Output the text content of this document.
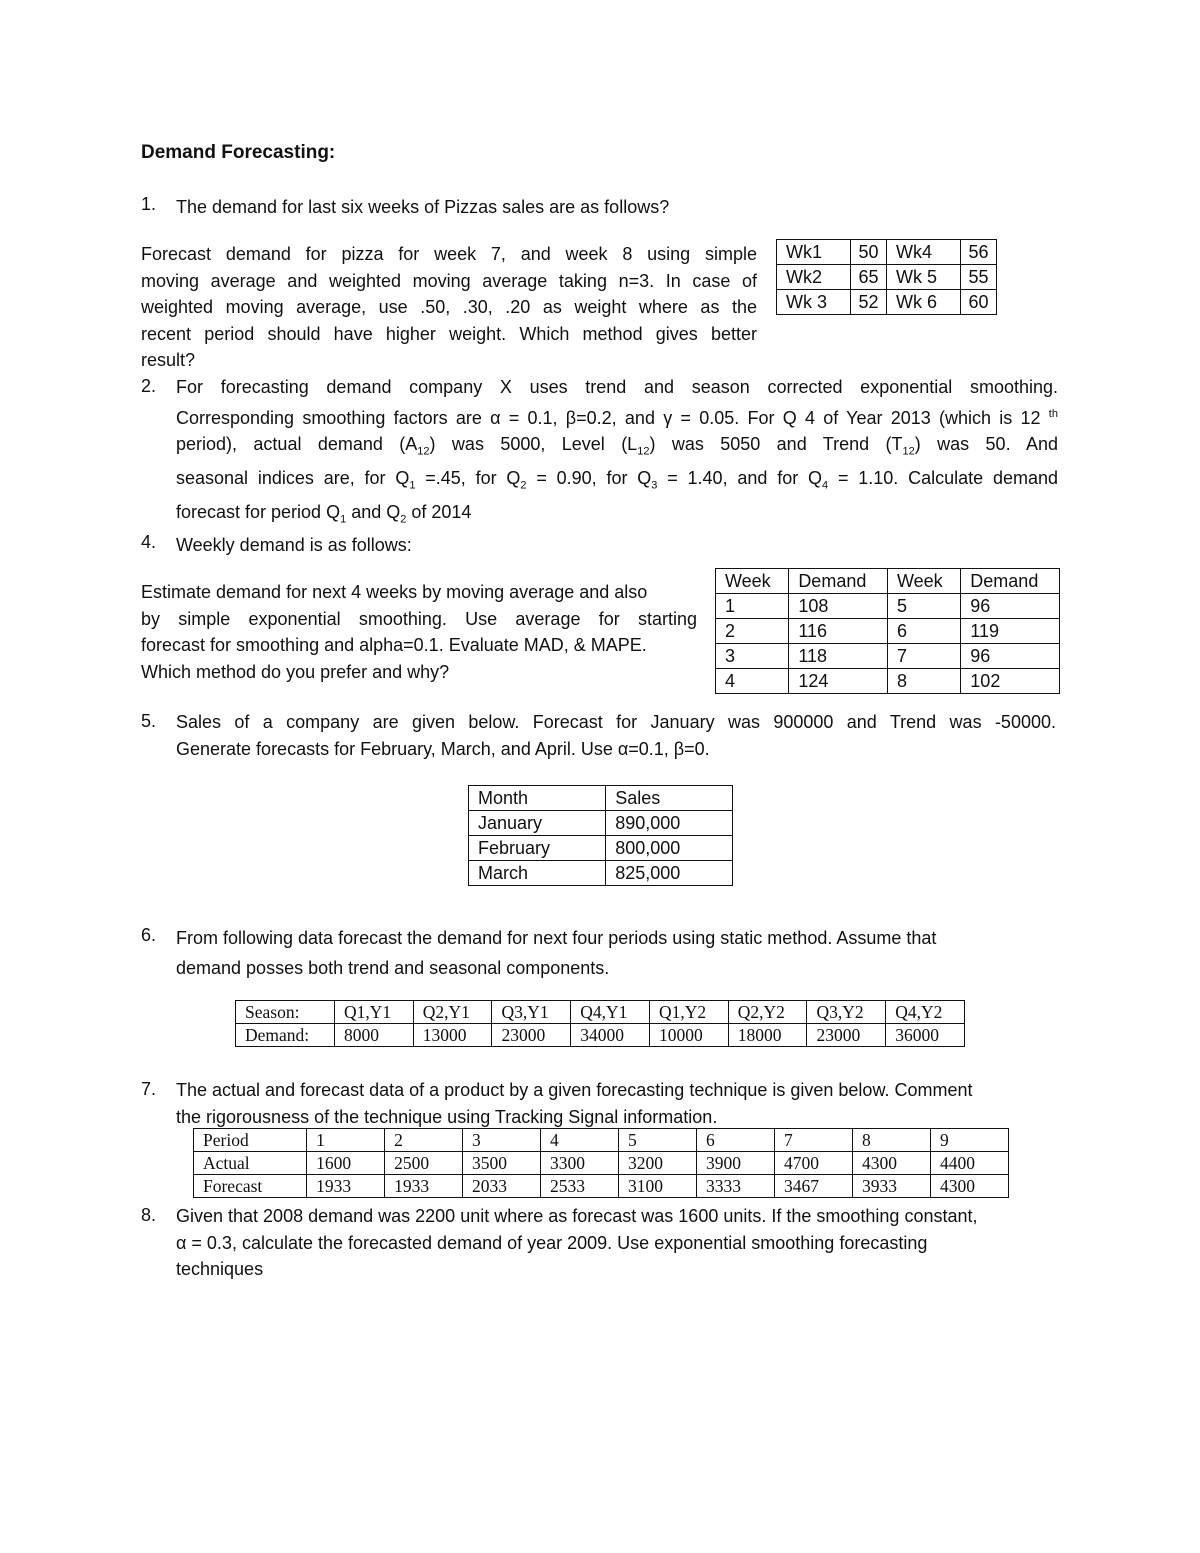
Demand Forecasting:
1. The demand for last six weeks of Pizzas sales are as follows?
Forecast demand for pizza for week 7, and week 8 using simple
moving average and weighted moving average taking n=3. In case of
weighted moving average, use .50, .30, .20 as weight where as the
recent period should have higher weight. Which method gives better
result?
Wk1	50	Wk4	56
Wk2	65	Wk 5	55
Wk 3	52	Wk 6	60
2. For forecasting demand company X uses trend and season corrected exponential smoothing.
Corresponding smoothing factors are α = 0.1, β=0.2, and γ = 0.05. For Q 4 of Year 2013 (which is 12 $^{th}$
period), actual demand $(A_{12})$ was 5000, Level $(L_{12})$ was 5050 and Trend $(T_{12})$ was 50. And
seasonal indices are, for $Q_1 =.45$, for $Q_2 = 0.90$, for $Q_3 = 1.40$, and for $Q_4 = 1.10$. Calculate demand
forecast for period $Q_1$ and $Q_2$ of 2014
4. Weekly demand is as follows:
Estimate demand for next 4 weeks by moving average and also
by simple exponential smoothing. Use average for starting
forecast for smoothing and alpha=0.1. Evaluate MAD, & MAPE.
Which method do you prefer and why?
Week	Demand	Week	Demand
1	108	5	96
2	116	6	119
3	118	7	96
4	124	8	102
5. Sales of a company are given below. Forecast for January was 900000 and Trend was -50000.
Generate forecasts for February, March, and April. Use α=0.1, β=0.
Month	Sales
January	890,000
February	800,000
March	825,000
6. From following data forecast the demand for next four periods using static method. Assume that
demand posses both trend and seasonal components.
Season:	Q1,Y1	Q2,Y1	Q3,Y1	Q4,Y1	Q1,Y2	Q2,Y2	Q3,Y2	Q4,Y2
Demand:	8000	13000	23000	34000	10000	18000	23000	36000
7. The actual and forecast data of a product by a given forecasting technique is given below. Comment
the rigorousness of the technique using Tracking Signal information.
Period	1	2	3	4	5	6	7	8	9
Actual	1600	2500	3500	3300	3200	3900	4700	4300	4400
Forecast	1933	1933	2033	2533	3100	3333	3467	3933	4300
8. Given that 2008 demand was 2200 unit where as forecast was 1600 units. If the smoothing constant,
α = 0.3, calculate the forecasted demand of year 2009. Use exponential smoothing forecasting
techniques
